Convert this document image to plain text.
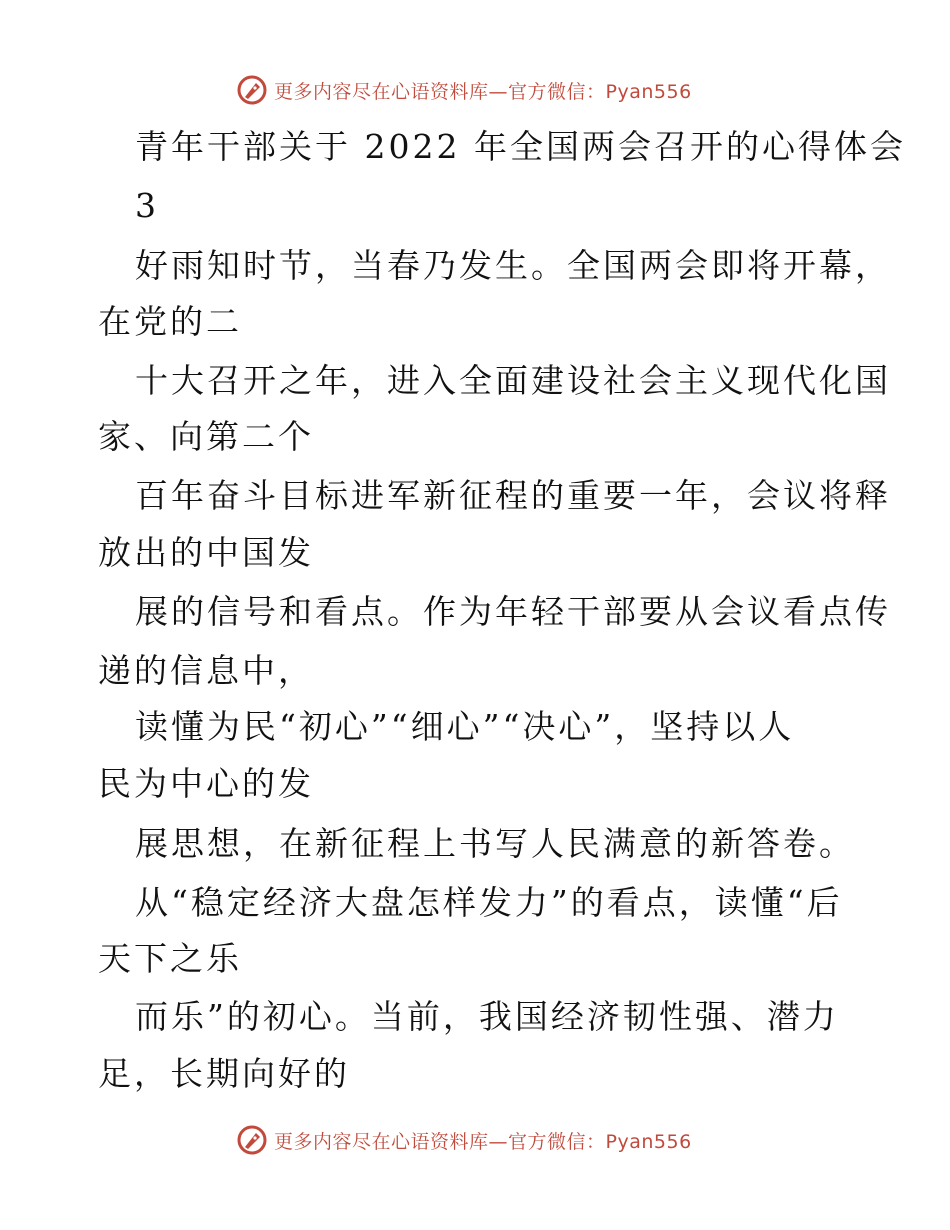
更多内容尽在心语资料库—官方微信：Pyan556
青年干部关于 2022 年全国两会召开的心得体会
3
好雨知时节，当春乃发生。全国两会即将开幕，
在党的二
十大召开之年，进入全面建设社会主义现代化国
家、向第二个
百年奋斗目标进军新征程的重要一年，会议将释
放出的中国发
展的信号和看点。作为年轻干部要从会议看点传
递的信息中，
读懂为民“初心”“细心”“决心”，坚持以人
民为中心的发
展思想，在新征程上书写人民满意的新答卷。
从“稳定经济大盘怎样发力”的看点，读懂“后
天下之乐
而乐”的初心。当前，我国经济韧性强、潜力
足，长期向好的
更多内容尽在心语资料库—官方微信：Pyan556
